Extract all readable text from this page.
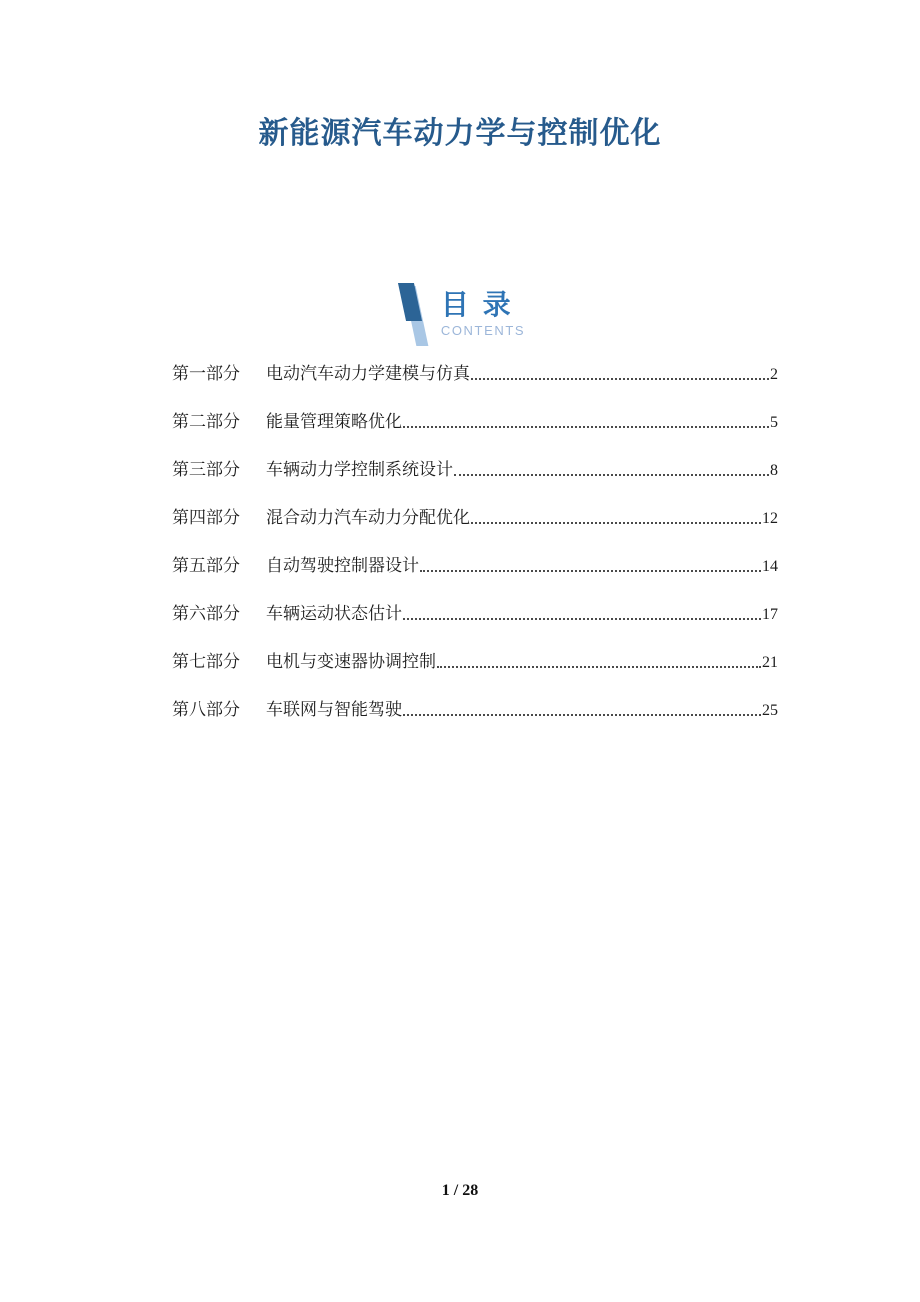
新能源汽车动力学与控制优化
目 录
CONTENTS
第一部分 电动汽车动力学建模与仿真	2
第二部分 能量管理策略优化	5
第三部分 车辆动力学控制系统设计	8
第四部分 混合动力汽车动力分配优化	12
第五部分 自动驾驶控制器设计	14
第六部分 车辆运动状态估计	17
第七部分 电机与变速器协调控制	21
第八部分 车联网与智能驾驶	25
1 / 28
